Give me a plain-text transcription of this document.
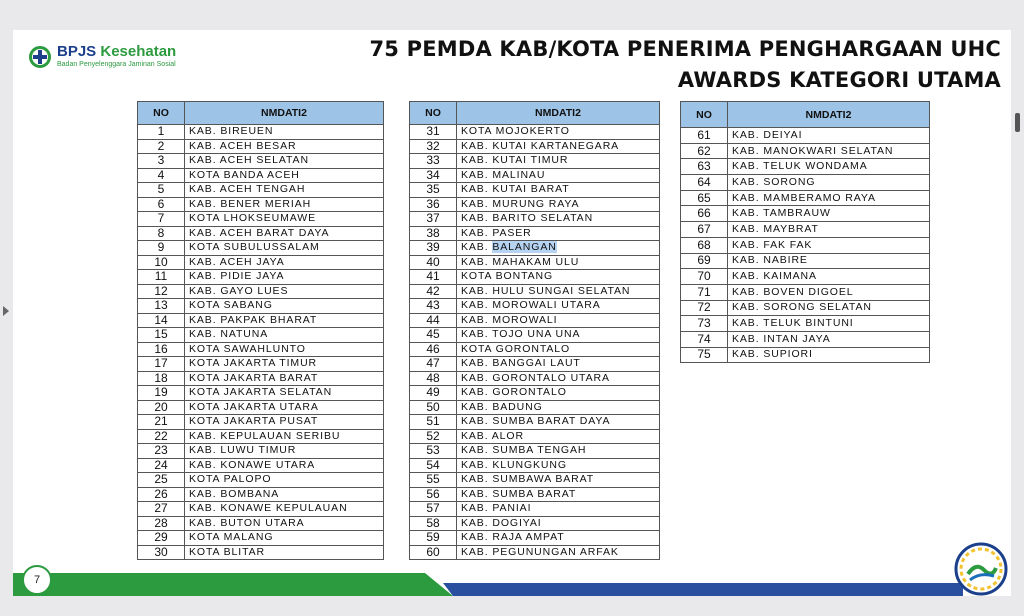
BPJS Kesehatan
Badan Penyelenggara Jaminan Sosial
75 PEMDA KAB/KOTA PENERIMA PENGHARGAAN UHC
AWARDS KATEGORI UTAMA
NO	NMDATI2
1	KAB. BIREUEN
2	KAB. ACEH BESAR
3	KAB. ACEH SELATAN
4	KOTA BANDA ACEH
5	KAB. ACEH TENGAH
6	KAB. BENER MERIAH
7	KOTA LHOKSEUMAWE
8	KAB. ACEH BARAT DAYA
9	KOTA SUBULUSSALAM
10	KAB. ACEH JAYA
11	KAB. PIDIE JAYA
12	KAB. GAYO LUES
13	KOTA SABANG
14	KAB. PAKPAK BHARAT
15	KAB. NATUNA
16	KOTA SAWAHLUNTO
17	KOTA JAKARTA TIMUR
18	KOTA JAKARTA BARAT
19	KOTA JAKARTA SELATAN
20	KOTA JAKARTA UTARA
21	KOTA JAKARTA PUSAT
22	KAB. KEPULAUAN SERIBU
23	KAB. LUWU TIMUR
24	KAB. KONAWE UTARA
25	KOTA PALOPO
26	KAB. BOMBANA
27	KAB. KONAWE KEPULAUAN
28	KAB. BUTON UTARA
29	KOTA MALANG
30	KOTA BLITAR
NO	NMDATI2
31	KOTA MOJOKERTO
32	KAB. KUTAI KARTANEGARA
33	KAB. KUTAI TIMUR
34	KAB. MALINAU
35	KAB. KUTAI BARAT
36	KAB. MURUNG RAYA
37	KAB. BARITO SELATAN
38	KAB. PASER
39	KAB. BALANGAN
40	KAB. MAHAKAM ULU
41	KOTA BONTANG
42	KAB. HULU SUNGAI SELATAN
43	KAB. MOROWALI UTARA
44	KAB. MOROWALI
45	KAB. TOJO UNA UNA
46	KOTA GORONTALO
47	KAB. BANGGAI LAUT
48	KAB. GORONTALO UTARA
49	KAB. GORONTALO
50	KAB. BADUNG
51	KAB. SUMBA BARAT DAYA
52	KAB. ALOR
53	KAB. SUMBA TENGAH
54	KAB. KLUNGKUNG
55	KAB. SUMBAWA BARAT
56	KAB. SUMBA BARAT
57	KAB. PANIAI
58	KAB. DOGIYAI
59	KAB. RAJA AMPAT
60	KAB. PEGUNUNGAN ARFAK
NO	NMDATI2
61	KAB. DEIYAI
62	KAB. MANOKWARI SELATAN
63	KAB. TELUK WONDAMA
64	KAB. SORONG
65	KAB. MAMBERAMO RAYA
66	KAB. TAMBRAUW
67	KAB. MAYBRAT
68	KAB. FAK FAK
69	KAB. NABIRE
70	KAB. KAIMANA
71	KAB. BOVEN DIGOEL
72	KAB. SORONG SELATAN
73	KAB. TELUK BINTUNI
74	KAB. INTAN JAYA
75	KAB. SUPIORI
7
